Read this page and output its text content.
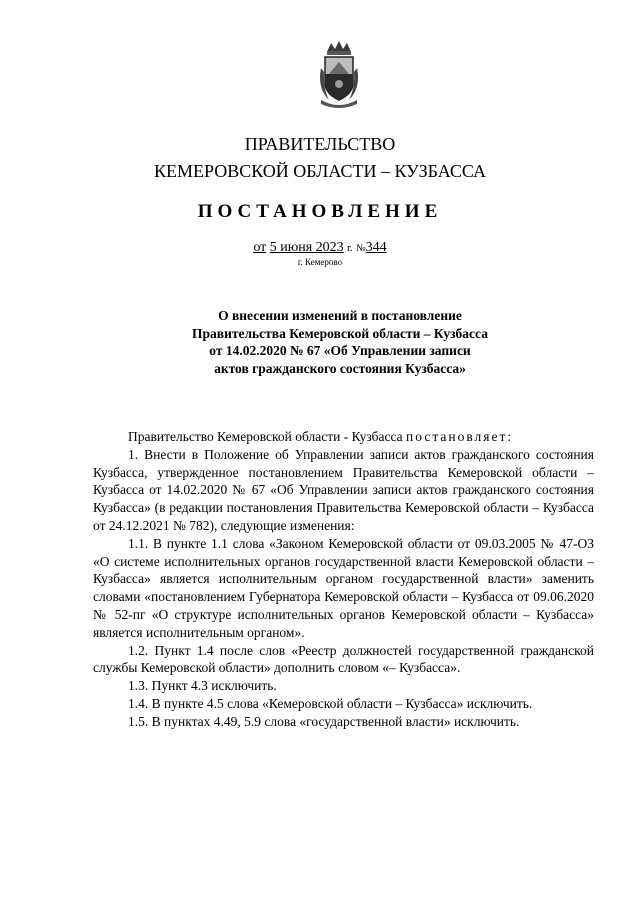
ПРАВИТЕЛЬСТВО
КЕМЕРОВСКОЙ ОБЛАСТИ – КУЗБАССА
ПОСТАНОВЛЕНИЕ
от 5 июня 2023 г. №344
г. Кемерово
О внесении изменений в постановление
Правительства Кемеровской области – Кузбасса
от 14.02.2020 № 67 «Об Управлении записи
актов гражданского состояния Кузбасса»

Правительство Кемеровской области - Кузбасса постановляет:

1. Внести в Положение об Управлении записи актов гражданского состояния Кузбасса, утвержденное постановлением Правительства Кемеровской области – Кузбасса от 14.02.2020 № 67 «Об Управлении записи актов гражданского состояния Кузбасса» (в редакции постановления Правительства Кемеровской области – Кузбасса от 24.12.2021 № 782), следующие изменения:

1.1. В пункте 1.1 слова «Законом Кемеровской области от 09.03.2005 № 47-ОЗ «О системе исполнительных органов государственной власти Кемеровской области – Кузбасса» является исполнительным органом государственной власти» заменить словами «постановлением Губернатора Кемеровской области – Кузбасса от 09.06.2020 № 52-пг «О структуре исполнительных органов Кемеровской области – Кузбасса» является исполнительным органом».

1.2. Пункт 1.4 после слов «Реестр должностей государственной гражданской службы Кемеровской области» дополнить словом «– Кузбасса».

1.3. Пункт 4.3 исключить.

1.4. В пункте 4.5 слова «Кемеровской области – Кузбасса» исключить.

1.5. В пунктах 4.49, 5.9 слова «государственной власти» исключить.
